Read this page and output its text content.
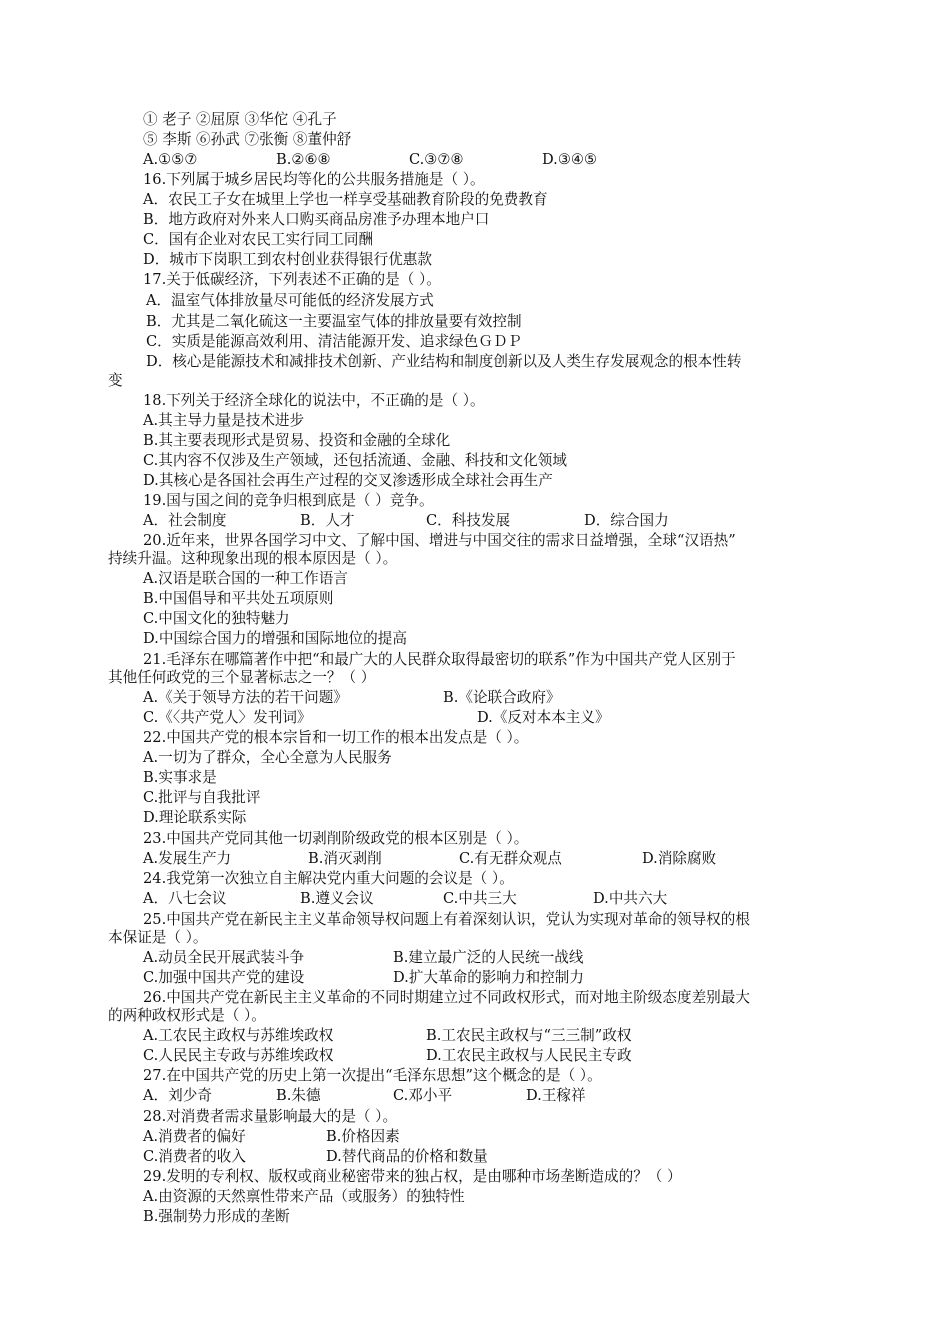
① 老子 ②屈原 ③华佗 ④孔子
⑤ 李斯 ⑥孙武 ⑦张衡 ⑧董仲舒
A.①⑤⑦	B.②⑥⑧	C.③⑦⑧	D.③④⑤
16.下列属于城乡居民均等化的公共服务措施是（ ）。
A．农民工子女在城里上学也一样享受基础教育阶段的免费教育
B．地方政府对外来人口购买商品房准予办理本地户口
C．国有企业对农民工实行同工同酬
D．城市下岗职工到农村创业获得银行优惠款
17.关于低碳经济，下列表述不正确的是（ ）。
A．温室气体排放量尽可能低的经济发展方式
B．尤其是二氧化硫这一主要温室气体的排放量要有效控制
C．实质是能源高效利用、清洁能源开发、追求绿色ＧＤＰ
D．核心是能源技术和减排技术创新、产业结构和制度创新以及人类生存发展观念的根本性转
变
18.下列关于经济全球化的说法中，不正确的是（ ）。
A.其主导力量是技术进步
B.其主要表现形式是贸易、投资和金融的全球化
C.其内容不仅涉及生产领域，还包括流通、金融、科技和文化领域
D.其核心是各国社会再生产过程的交叉渗透形成全球社会再生产
19.国与国之间的竞争归根到底是（ ）竞争。
A．社会制度	B．人才	C．科技发展	D．综合国力
20.近年来，世界各国学习中文、了解中国、增进与中国交往的需求日益增强，全球“汉语热”
持续升温。这种现象出现的根本原因是（ ）。
A.汉语是联合国的一种工作语言
B.中国倡导和平共处五项原则
C.中国文化的独特魅力
D.中国综合国力的增强和国际地位的提高
21.毛泽东在哪篇著作中把“和最广大的人民群众取得最密切的联系”作为中国共产党人区别于
其他任何政党的三个显著标志之一？（ ）
A.《关于领导方法的若干问题》	B.《论联合政府》
C.《〈共产党人〉发刊词》	D.《反对本本主义》
22.中国共产党的根本宗旨和一切工作的根本出发点是（ ）。
A.一切为了群众，全心全意为人民服务
B.实事求是
C.批评与自我批评
D.理论联系实际
23.中国共产党同其他一切剥削阶级政党的根本区别是（ ）。
A.发展生产力	B.消灭剥削	C.有无群众观点	D.消除腐败
24.我党第一次独立自主解决党内重大问题的会议是（ ）。
A．八七会议	B.遵义会议	C.中共三大	D.中共六大
25.中国共产党在新民主主义革命领导权问题上有着深刻认识，党认为实现对革命的领导权的根
本保证是（ ）。
A.动员全民开展武装斗争	B.建立最广泛的人民统一战线
C.加强中国共产党的建设	D.扩大革命的影响力和控制力
26.中国共产党在新民主主义革命的不同时期建立过不同政权形式，而对地主阶级态度差别最大
的两种政权形式是（ ）。
A.工农民主政权与苏维埃政权	B.工农民主政权与“三三制”政权
C.人民民主专政与苏维埃政权	D.工农民主政权与人民民主专政
27.在中国共产党的历史上第一次提出“毛泽东思想”这个概念的是（ ）。
A．刘少奇	B.朱德	C.邓小平	D.王稼祥
28.对消费者需求量影响最大的是（ ）。
A.消费者的偏好	B.价格因素
C.消费者的收入	D.替代商品的价格和数量
29.发明的专利权、版权或商业秘密带来的独占权，是由哪种市场垄断造成的？（ ）
A.由资源的天然禀性带来产品（或服务）的独特性
B.强制势力形成的垄断
